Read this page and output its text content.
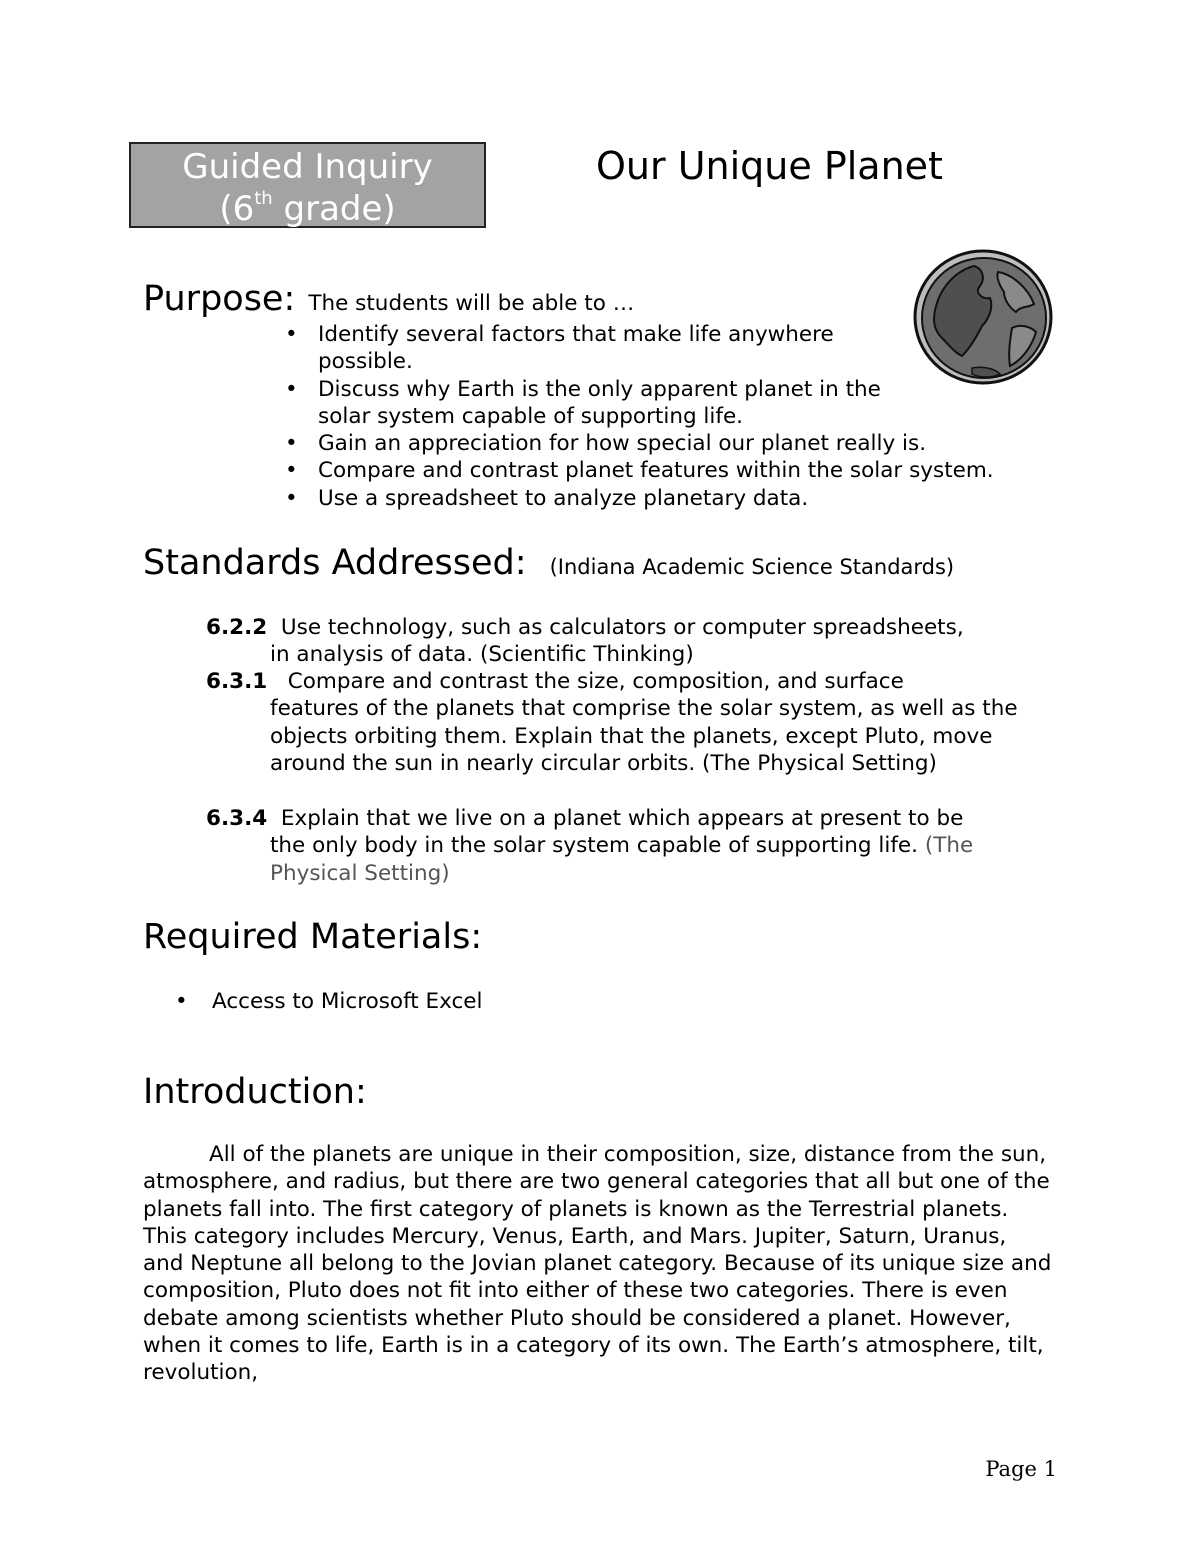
Guided Inquiry
(6th grade)
Our Unique Planet
Purpose: The students will be able to …
• Identify several factors that make life anywhere possible.
• Discuss why Earth is the only apparent planet in the solar system capable of supporting life.
• Gain an appreciation for how special our planet really is.
• Compare and contrast planet features within the solar system.
• Use a spreadsheet to analyze planetary data.
Standards Addressed: (Indiana Academic Science Standards)
6.2.2 Use technology, such as calculators or computer spreadsheets,
in analysis of data. (Scientific Thinking)
6.3.1 Compare and contrast the size, composition, and surface
features of the planets that comprise the solar system, as well as the objects orbiting them. Explain that the planets, except Pluto, move around the sun in nearly circular orbits. (The Physical Setting)
6.3.4 Explain that we live on a planet which appears at present to be
the only body in the solar system capable of supporting life. (The Physical Setting)
Required Materials:
• Access to Microsoft Excel
Introduction:
All of the planets are unique in their composition, size, distance from the sun, atmosphere, and radius, but there are two general categories that all but one of the planets fall into. The first category of planets is known as the Terrestrial planets. This category includes Mercury, Venus, Earth, and Mars. Jupiter, Saturn, Uranus, and Neptune all belong to the Jovian planet category. Because of its unique size and composition, Pluto does not fit into either of these two categories. There is even debate among scientists whether Pluto should be considered a planet. However, when it comes to life, Earth is in a category of its own. The Earth’s atmosphere, tilt, revolution,
Page 1
